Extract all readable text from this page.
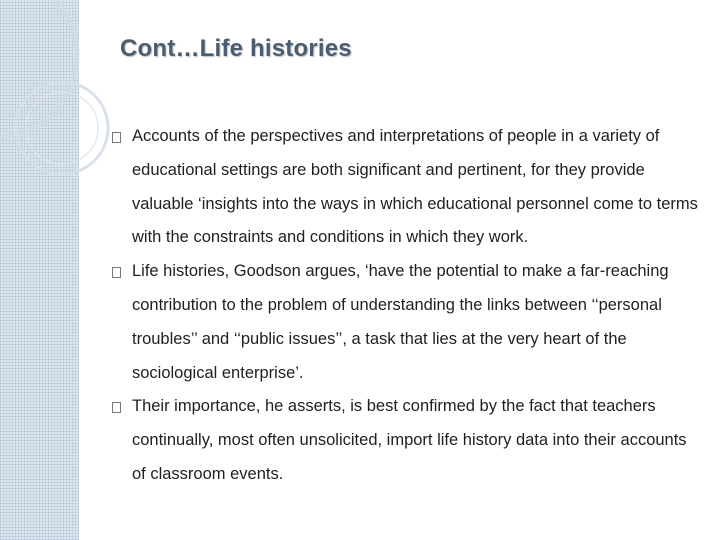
Cont…Life histories
Accounts of the perspectives and interpretations of people in a variety of educational settings are both significant and pertinent, for they provide valuable ‘insights into the ways in which educational personnel come to terms with the constraints and conditions in which they work.
Life histories, Goodson argues, ‘have the potential to make a far-reaching contribution to the problem of understanding the links between ‘‘personal troubles’’ and ‘‘public issues’’, a task that lies at the very heart of the sociological enterprise’.
Their importance, he asserts, is best confirmed by the fact that teachers continually, most often unsolicited, import life history data into their accounts of classroom events.
